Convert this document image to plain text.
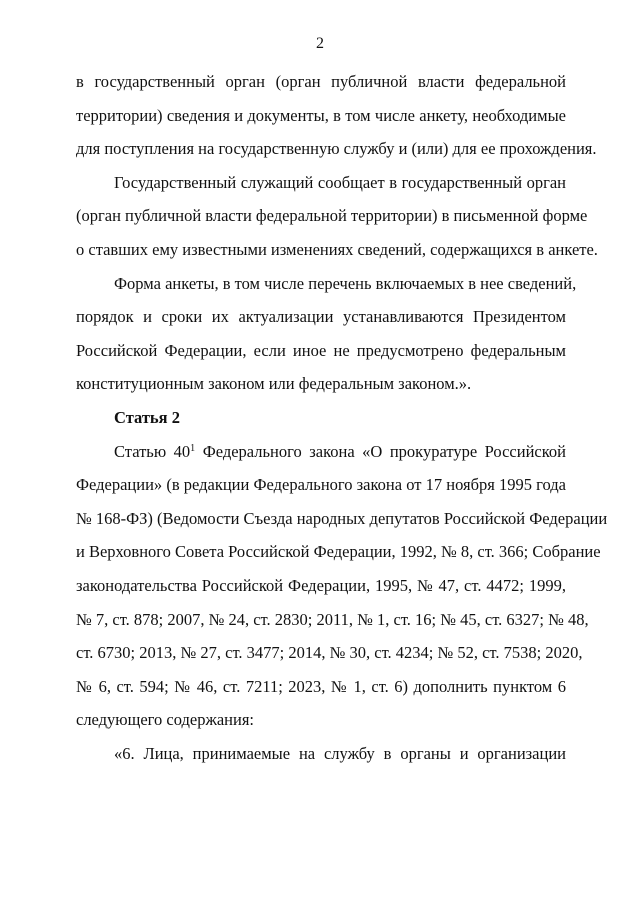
2
в государственный орган (орган публичной власти федеральной
территории) сведения и документы, в том числе анкету, необходимые
для поступления на государственную службу и (или) для ее прохождения.
Государственный служащий сообщает в государственный орган
(орган публичной власти федеральной территории) в письменной форме
о ставших ему известными изменениях сведений, содержащихся в анкете.
Форма анкеты, в том числе перечень включаемых в нее сведений,
порядок и сроки их актуализации устанавливаются Президентом
Российской Федерации, если иное не предусмотрено федеральным
конституционным законом или федеральным законом.».
Статья 2
Статью $40^1$ Федерального закона «О прокуратуре Российской
Федерации» (в редакции Федерального закона от 17 ноября 1995 года
№ 168-ФЗ) (Ведомости Съезда народных депутатов Российской Федерации
и Верховного Совета Российской Федерации, 1992, № 8, ст. 366; Собрание
законодательства Российской Федерации, 1995, № 47, ст. 4472; 1999,
№ 7, ст. 878; 2007, № 24, ст. 2830; 2011, № 1, ст. 16; № 45, ст. 6327; № 48,
ст. 6730; 2013, № 27, ст. 3477; 2014, № 30, ст. 4234; № 52, ст. 7538; 2020,
№ 6, ст. 594; № 46, ст. 7211; 2023, № 1, ст. 6) дополнить пунктом 6
следующего содержания:
«6. Лица, принимаемые на службу в органы и организации
